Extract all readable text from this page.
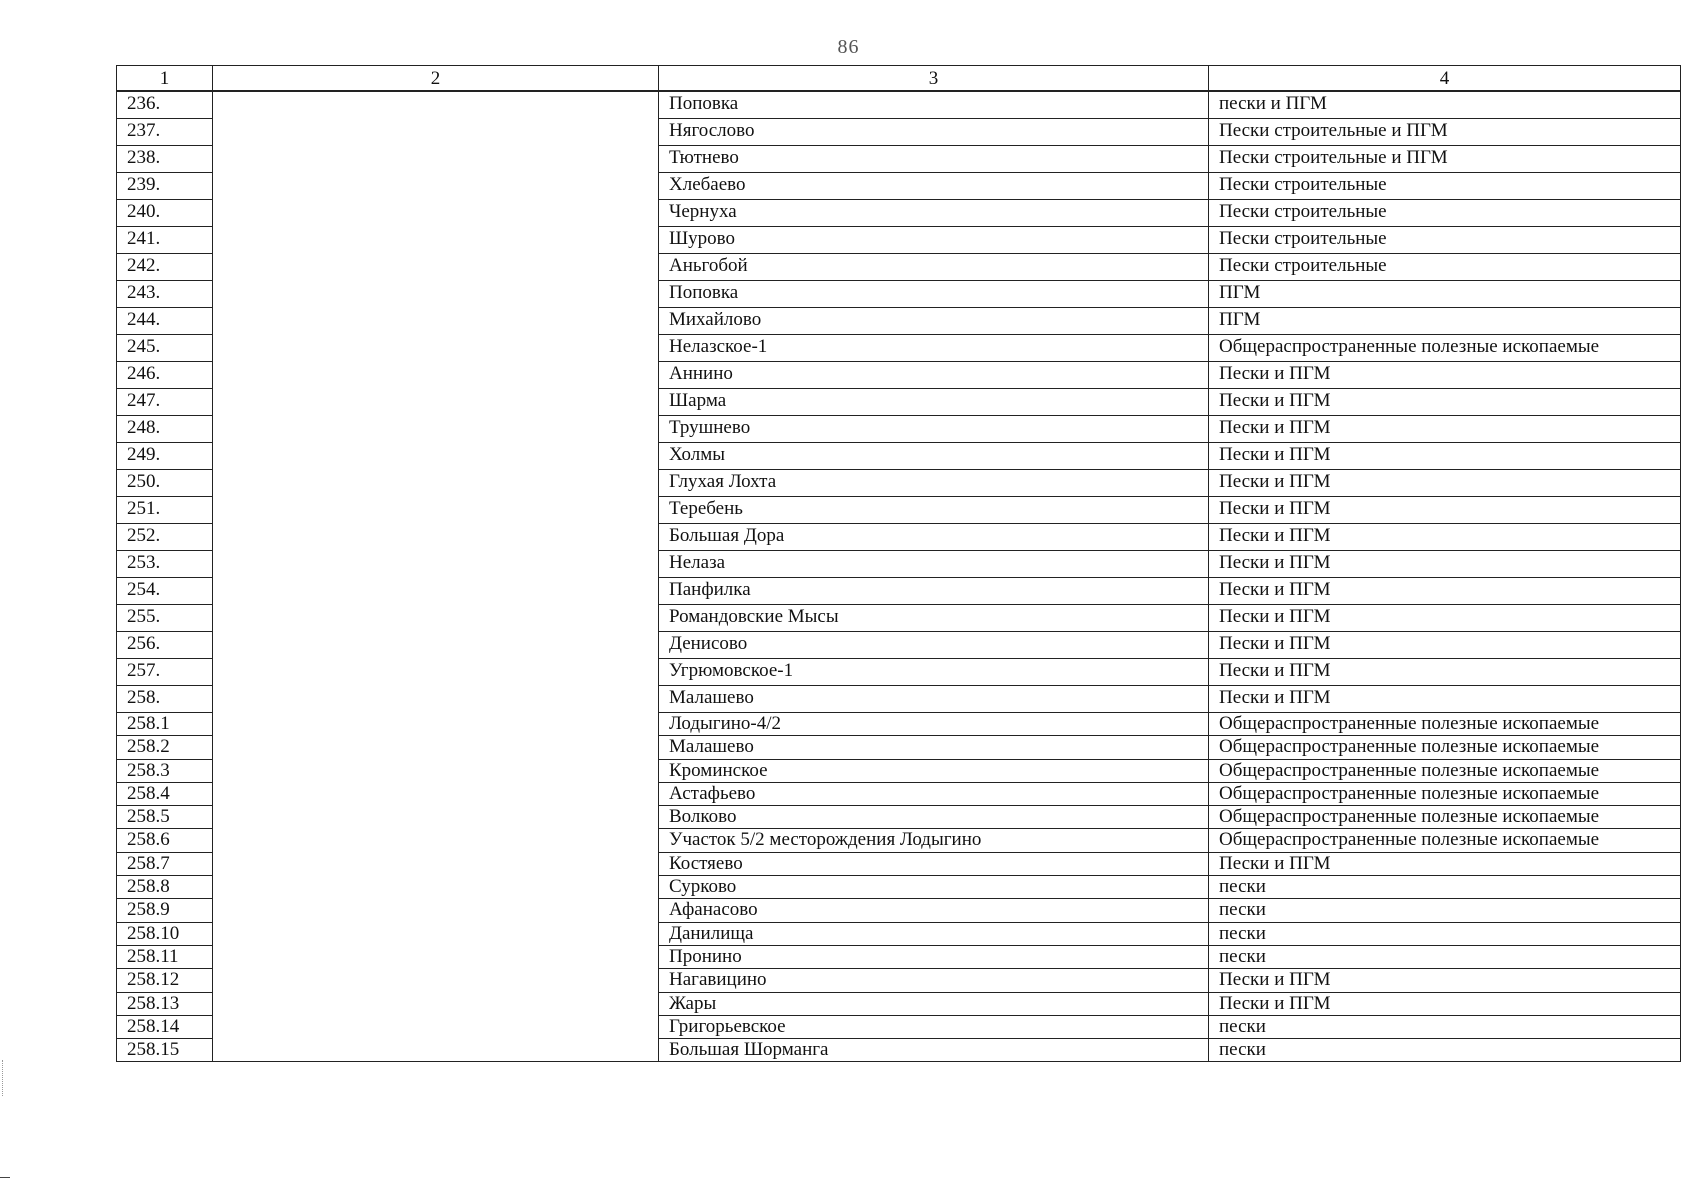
86
1	2	3	4
236.		Поповка	пески и ПГМ
237.		Нягослово	Пески строительные и ПГМ
238.		Тютнево	Пески строительные и ПГМ
239.		Хлебаево	Пески строительные
240.		Чернуха	Пески строительные
241.		Шурово	Пески строительные
242.		Аньгобой	Пески строительные
243.		Поповка	ПГМ
244.		Михайлово	ПГМ
245.		Нелазское-1	Общераспространенные полезные ископаемые
246.		Аннино	Пески и ПГМ
247.		Шарма	Пески и ПГМ
248.		Трушнево	Пески и ПГМ
249.		Холмы	Пески и ПГМ
250.		Глухая Лохта	Пески и ПГМ
251.		Теребень	Пески и ПГМ
252.		Большая Дора	Пески и ПГМ
253.		Нелаза	Пески и ПГМ
254.		Панфилка	Пески и ПГМ
255.		Романдовские Мысы	Пески и ПГМ
256.		Денисово	Пески и ПГМ
257.		Угрюмовское-1	Пески и ПГМ
258.		Малашево	Пески и ПГМ
258.1		Лодыгино-4/2	Общераспространенные полезные ископаемые
258.2		Малашево	Общераспространенные полезные ископаемые
258.3		Кроминское	Общераспространенные полезные ископаемые
258.4		Астафьево	Общераспространенные полезные ископаемые
258.5		Волково	Общераспространенные полезные ископаемые
258.6		Участок 5/2 месторождения Лодыгино	Общераспространенные полезные ископаемые
258.7		Костяево	Пески и ПГМ
258.8		Сурково	пески
258.9		Афанасово	пески
258.10		Данилища	пески
258.11		Пронино	пески
258.12		Нагавицино	Пески и ПГМ
258.13		Жары	Пески и ПГМ
258.14		Григорьевское	пески
258.15		Большая Шорманга	пески
